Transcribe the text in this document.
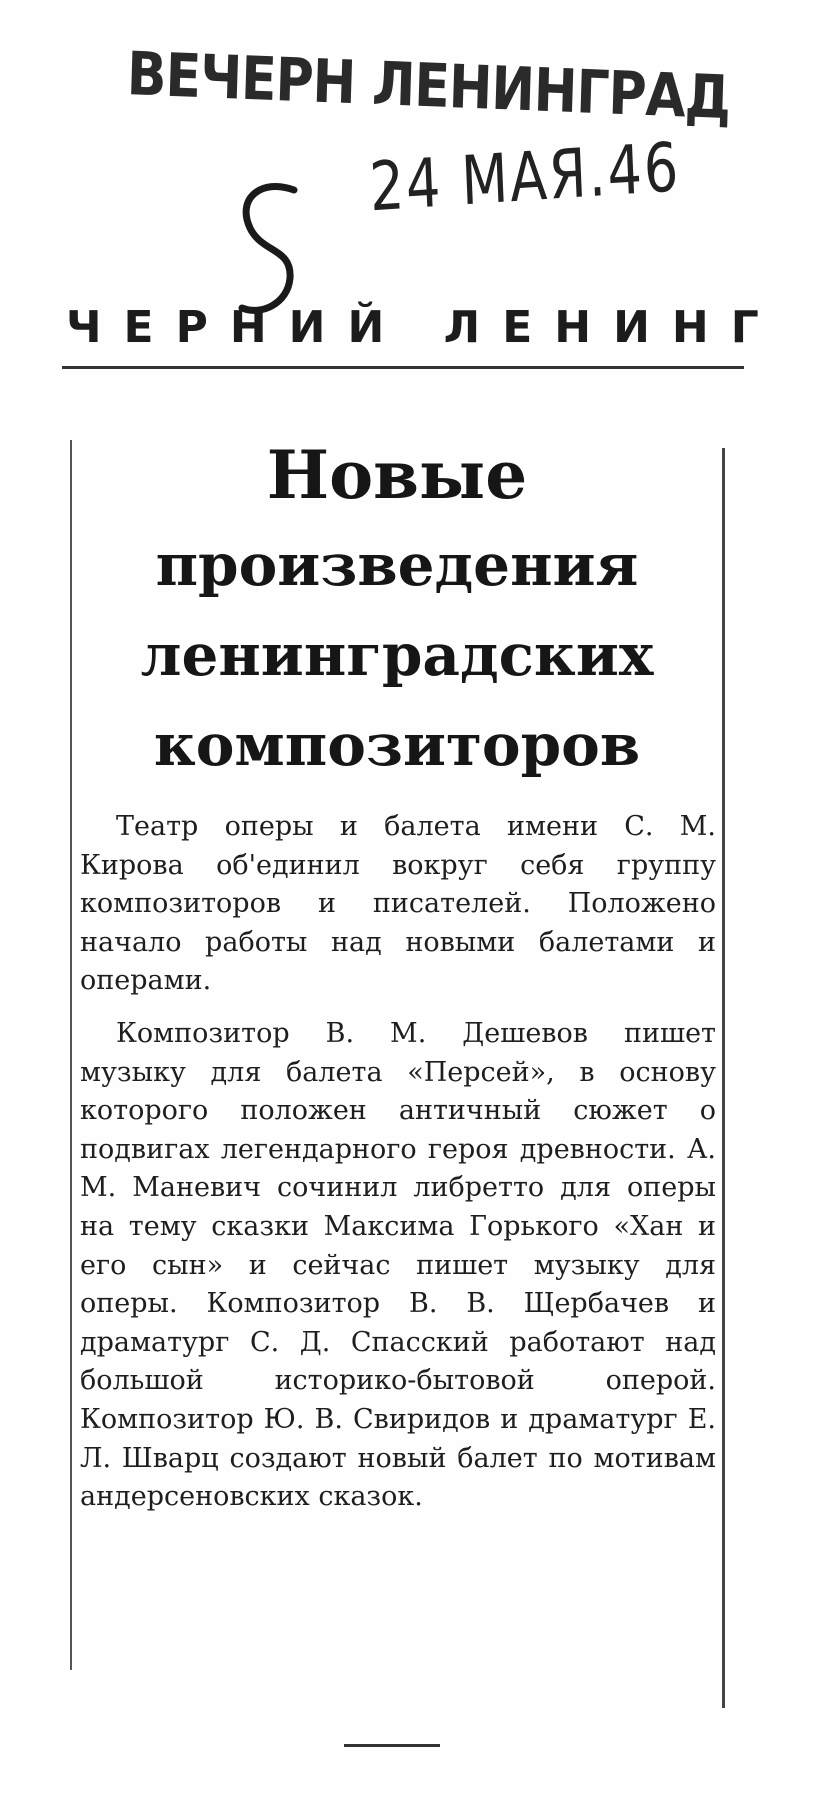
ВЕЧЕРН ЛЕНИНГРАД
24 МАЯ.46
ЧЕРНИЙ ЛЕНИНГ
Новые
произведения
ленинградских
композиторов

Театр оперы и балета имени С. М. Кирова об'единил вокруг себя группу композиторов и писателей. Положено начало работы над новыми балетами и операми.

Композитор В. М. Дешевов пишет музыку для балета «Персей», в основу которого положен античный сюжет о подвигах легендарного героя древности. А. М. Маневич сочинил либретто для оперы на тему сказки Максима Горького «Хан и его сын» и сейчас пишет музыку для оперы. Композитор В. В. Щербачев и драматург С. Д. Спасский работают над большой историко-бытовой оперой. Композитор Ю. В. Свиридов и драматург Е. Л. Шварц создают новый балет по мотивам андерсеновских сказок.
